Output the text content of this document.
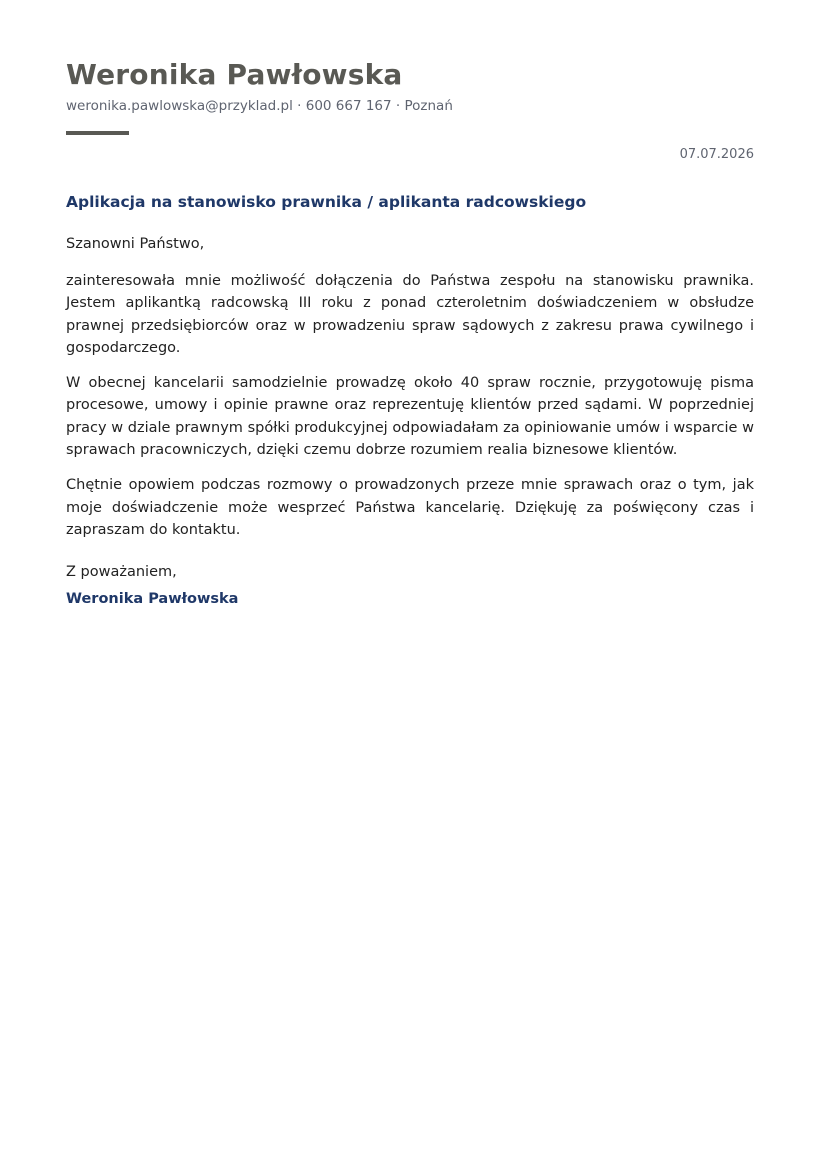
Weronika Pawłowska
weronika.pawlowska@przyklad.pl · 600 667 167 · Poznań
07.07.2026
Aplikacja na stanowisko prawnika / aplikanta radcowskiego

Szanowni Państwo,

zainteresowała mnie możliwość dołączenia do Państwa zespołu na stanowisku prawnika. Jestem aplikantką radcowską III roku z ponad czteroletnim doświadczeniem w obsłudze prawnej przedsiębiorców oraz w prowadzeniu spraw sądowych z zakresu prawa cywilnego i gospodarczego.

W obecnej kancelarii samodzielnie prowadzę około 40 spraw rocznie, przygotowuję pisma procesowe, umowy i opinie prawne oraz reprezentuję klientów przed sądami. W poprzedniej pracy w dziale prawnym spółki produkcyjnej odpowiadałam za opiniowanie umów i wsparcie w sprawach pracowniczych, dzięki czemu dobrze rozumiem realia biznesowe klientów.

Chętnie opowiem podczas rozmowy o prowadzonych przeze mnie sprawach oraz o tym, jak moje doświadczenie może wesprzeć Państwa kancelarię. Dziękuję za poświęcony czas i zapraszam do kontaktu.

Z poważaniem,

Weronika Pawłowska
